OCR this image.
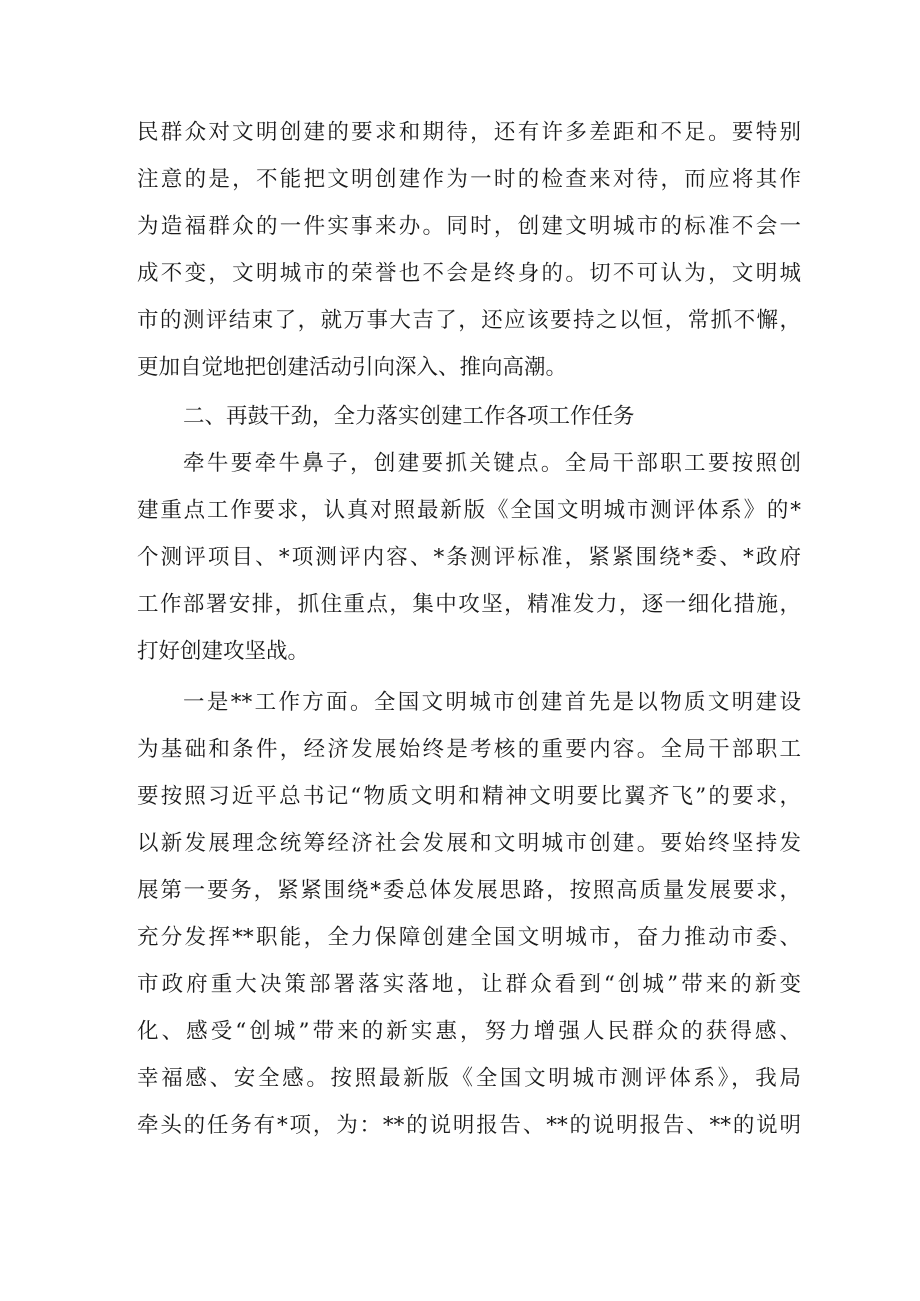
民群众对文明创建的要求和期待，还有许多差距和不足。要特别
注意的是，不能把文明创建作为一时的检查来对待，而应将其作
为造福群众的一件实事来办。同时，创建文明城市的标准不会一
成不变，文明城市的荣誉也不会是终身的。切不可认为，文明城
市的测评结束了，就万事大吉了，还应该要持之以恒，常抓不懈，
更加自觉地把创建活动引向深入、推向高潮。
二、再鼓干劲，全力落实创建工作各项工作任务
牵牛要牵牛鼻子，创建要抓关键点。全局干部职工要按照创
建重点工作要求，认真对照最新版《全国文明城市测评体系》的*
个测评项目、*项测评内容、*条测评标准，紧紧围绕*委、*政府
工作部署安排，抓住重点，集中攻坚，精准发力，逐一细化措施，
打好创建攻坚战。
一是**工作方面。全国文明城市创建首先是以物质文明建设
为基础和条件，经济发展始终是考核的重要内容。全局干部职工
要按照习近平总书记“物质文明和精神文明要比翼齐飞”的要求，
以新发展理念统筹经济社会发展和文明城市创建。要始终坚持发
展第一要务，紧紧围绕*委总体发展思路，按照高质量发展要求，
充分发挥**职能，全力保障创建全国文明城市，奋力推动市委、
市政府重大决策部署落实落地，让群众看到“创城”带来的新变
化、感受“创城”带来的新实惠，努力增强人民群众的获得感、
幸福感、安全感。按照最新版《全国文明城市测评体系》，我局
牵头的任务有*项，为：**的说明报告、**的说明报告、**的说明
